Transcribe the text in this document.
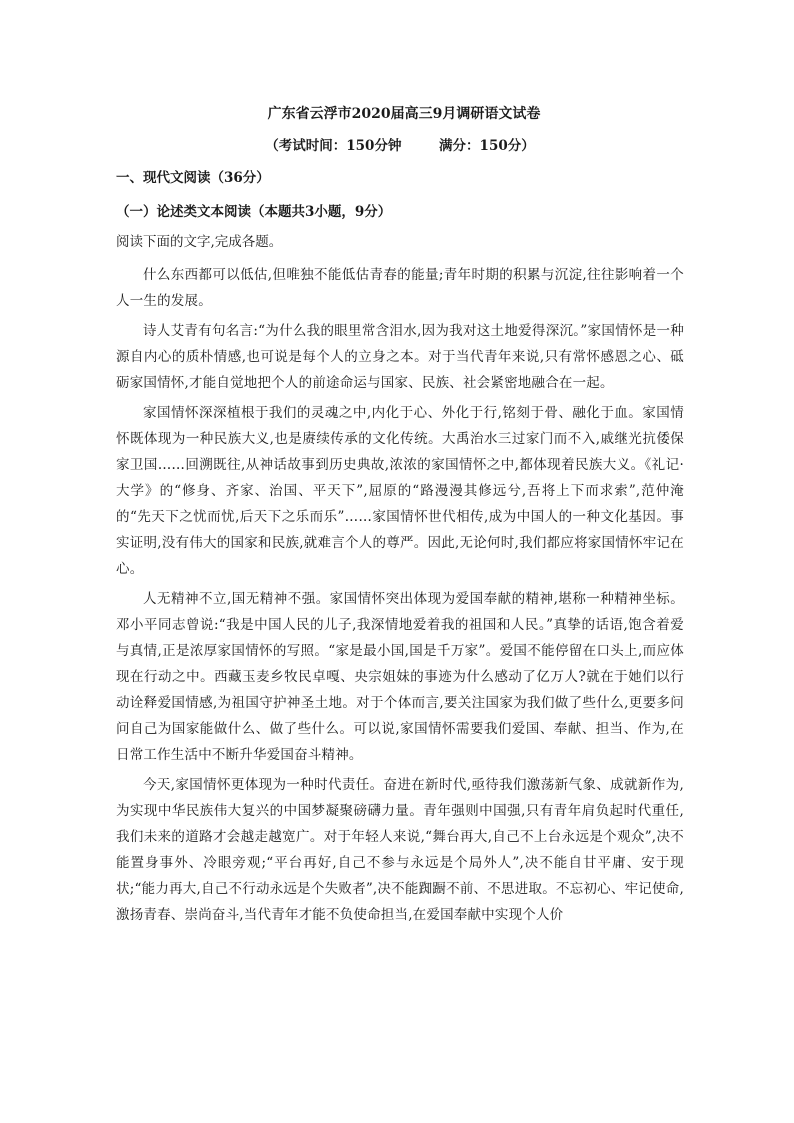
广东省云浮市2020届高三9月调研语文试卷
（考试时间：150分钟        满分：150分）
一、现代文阅读（36分）
（一）论述类文本阅读（本题共3小题，9分）
阅读下面的文字,完成各题。
什么东西都可以低估,但唯独不能低估青春的能量;青年时期的积累与沉淀,往往影响着一个人一生的发展。
诗人艾青有句名言:“为什么我的眼里常含泪水,因为我对这土地爱得深沉。”家国情怀是一种源自内心的质朴情感,也可说是每个人的立身之本。对于当代青年来说,只有常怀感恩之心、砥砺家国情怀,才能自觉地把个人的前途命运与国家、民族、社会紧密地融合在一起。
家国情怀深深植根于我们的灵魂之中,内化于心、外化于行,铭刻于骨、融化于血。家国情怀既体现为一种民族大义,也是赓续传承的文化传统。大禹治水三过家门而不入,戚继光抗倭保家卫国……回溯既往,从神话故事到历史典故,浓浓的家国情怀之中,都体现着民族大义。《礼记·大学》的“修身、齐家、治国、平天下”,屈原的“路漫漫其修远兮,吾将上下而求索”,范仲淹的“先天下之忧而忧,后天下之乐而乐”……家国情怀世代相传,成为中国人的一种文化基因。事实证明,没有伟大的国家和民族,就难言个人的尊严。因此,无论何时,我们都应将家国情怀牢记在心。
人无精神不立,国无精神不强。家国情怀突出体现为爱国奉献的精神,堪称一种精神坐标。邓小平同志曾说:“我是中国人民的儿子,我深情地爱着我的祖国和人民。”真挚的话语,饱含着爱与真情,正是浓厚家国情怀的写照。“家是最小国,国是千万家”。爱国不能停留在口头上,而应体现在行动之中。西藏玉麦乡牧民卓嘎、央宗姐妹的事迹为什么感动了亿万人?就在于她们以行动诠释爱国情感,为祖国守护神圣土地。对于个体而言,要关注国家为我们做了些什么,更要多问问自己为国家能做什么、做了些什么。可以说,家国情怀需要我们爱国、奉献、担当、作为,在日常工作生活中不断升华爱国奋斗精神。
今天,家国情怀更体现为一种时代责任。奋进在新时代,亟待我们激荡新气象、成就新作为,为实现中华民族伟大复兴的中国梦凝聚磅礴力量。青年强则中国强,只有青年肩负起时代重任,我们未来的道路才会越走越宽广。对于年轻人来说,“舞台再大,自己不上台永远是个观众”,决不能置身事外、冷眼旁观;“平台再好,自己不参与永远是个局外人”,决不能自甘平庸、安于现状;“能力再大,自己不行动永远是个失败者”,决不能踟蹰不前、不思进取。不忘初心、牢记使命,激扬青春、崇尚奋斗,当代青年才能不负使命担当,在爱国奉献中实现个人价
